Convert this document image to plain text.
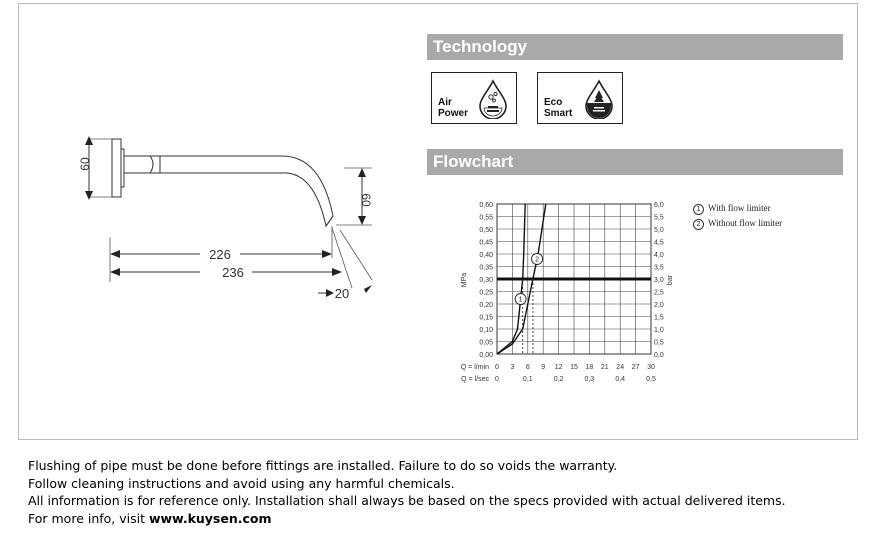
60
60
226
236
20
Technology
Air
Power
Eco
Smart
Flowchart
0,00	0,0
0,05	0,5
0,10	1,0
0,15	1,5
0,20	2,0
0,25	2,5
0,30	3,0
0,35	3,5
0,40	4,0
0,45	4,5
0,50	5,0
0,55	5,5
0,60	6,0
0 3 6 9 12 15 18 21 24 27 30
0	0,1	0,2	0,3	0,4	0,5
Q = l/min
Q = l/sec
MPa	bar
1
2
1 With flow limiter
2 Without flow limiter
Flushing of pipe must be done before fittings are installed. Failure to do so voids the warranty.
Follow cleaning instructions and avoid using any harmful chemicals.
All information is for reference only. Installation shall always be based on the specs provided with actual delivered items.
For more info, visit www.kuysen.com
